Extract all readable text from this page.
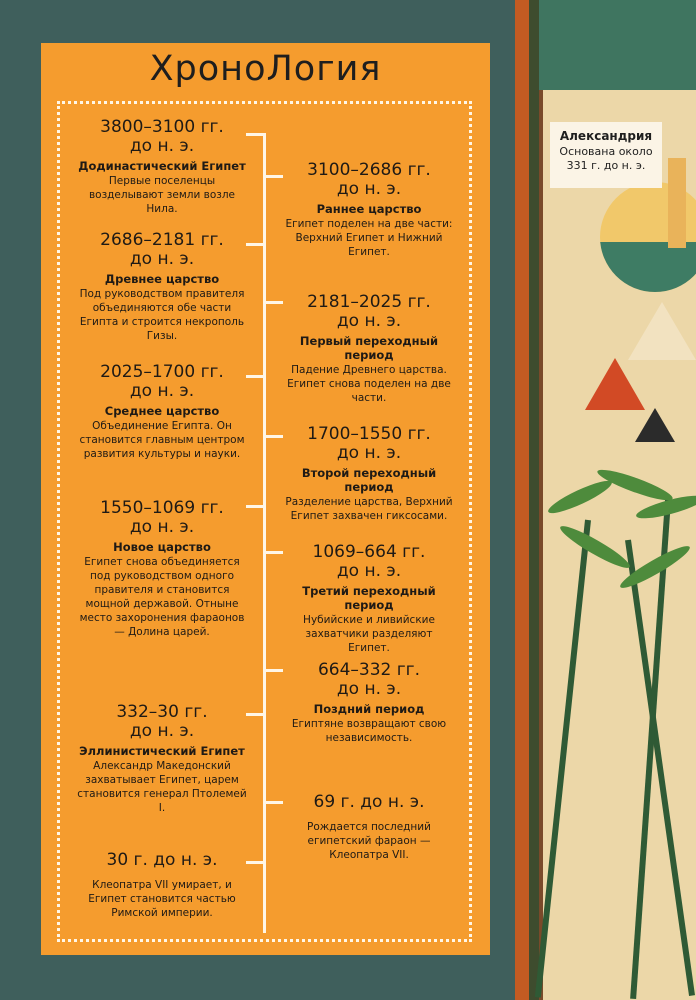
ХроноЛогия
3800–3100 гг.
до н. э.
Додинастический Египет
Первые поселенцы возделывают земли возле Нила.
2686–2181 гг.
до н. э.
Древнее царство
Под руководством правителя объединяются обе части Египта и строится некрополь Гизы.
2025–1700 гг.
до н. э.
Среднее царство
Объединение Египта. Он становится главным центром развития культуры и науки.
1550–1069 гг.
до н. э.
Новое царство
Египет снова объединяется под руководством одного правителя и становится мощной державой. Отныне место захоронения фараонов — Долина царей.
332–30 гг.
до н. э.
Эллинистический Египет
Александр Македонский захватывает Египет, царем становится генерал Птолемей I.
30 г. до н. э.
Клеопатра VII умирает, и Египет становится частью Римской империи.
3100–2686 гг.
до н. э.
Раннее царство
Египет поделен на две части: Верхний Египет и Нижний Египет.
2181–2025 гг.
до н. э.
Первый переходный период
Падение Древнего царства. Египет снова поделен на две части.
1700–1550 гг.
до н. э.
Второй переходный период
Разделение царства, Верхний Египет захвачен гиксосами.
1069–664 гг.
до н. э.
Третий переходный период
Нубийские и ливийские захватчики разделяют Египет.
664–332 гг.
до н. э.
Поздний период
Египтяне возвращают свою независимость.
69 г. до н. э.
Рождается последний египетский фараон — Клеопатра VII.
Александрия
Основана около 331 г. до н. э.
